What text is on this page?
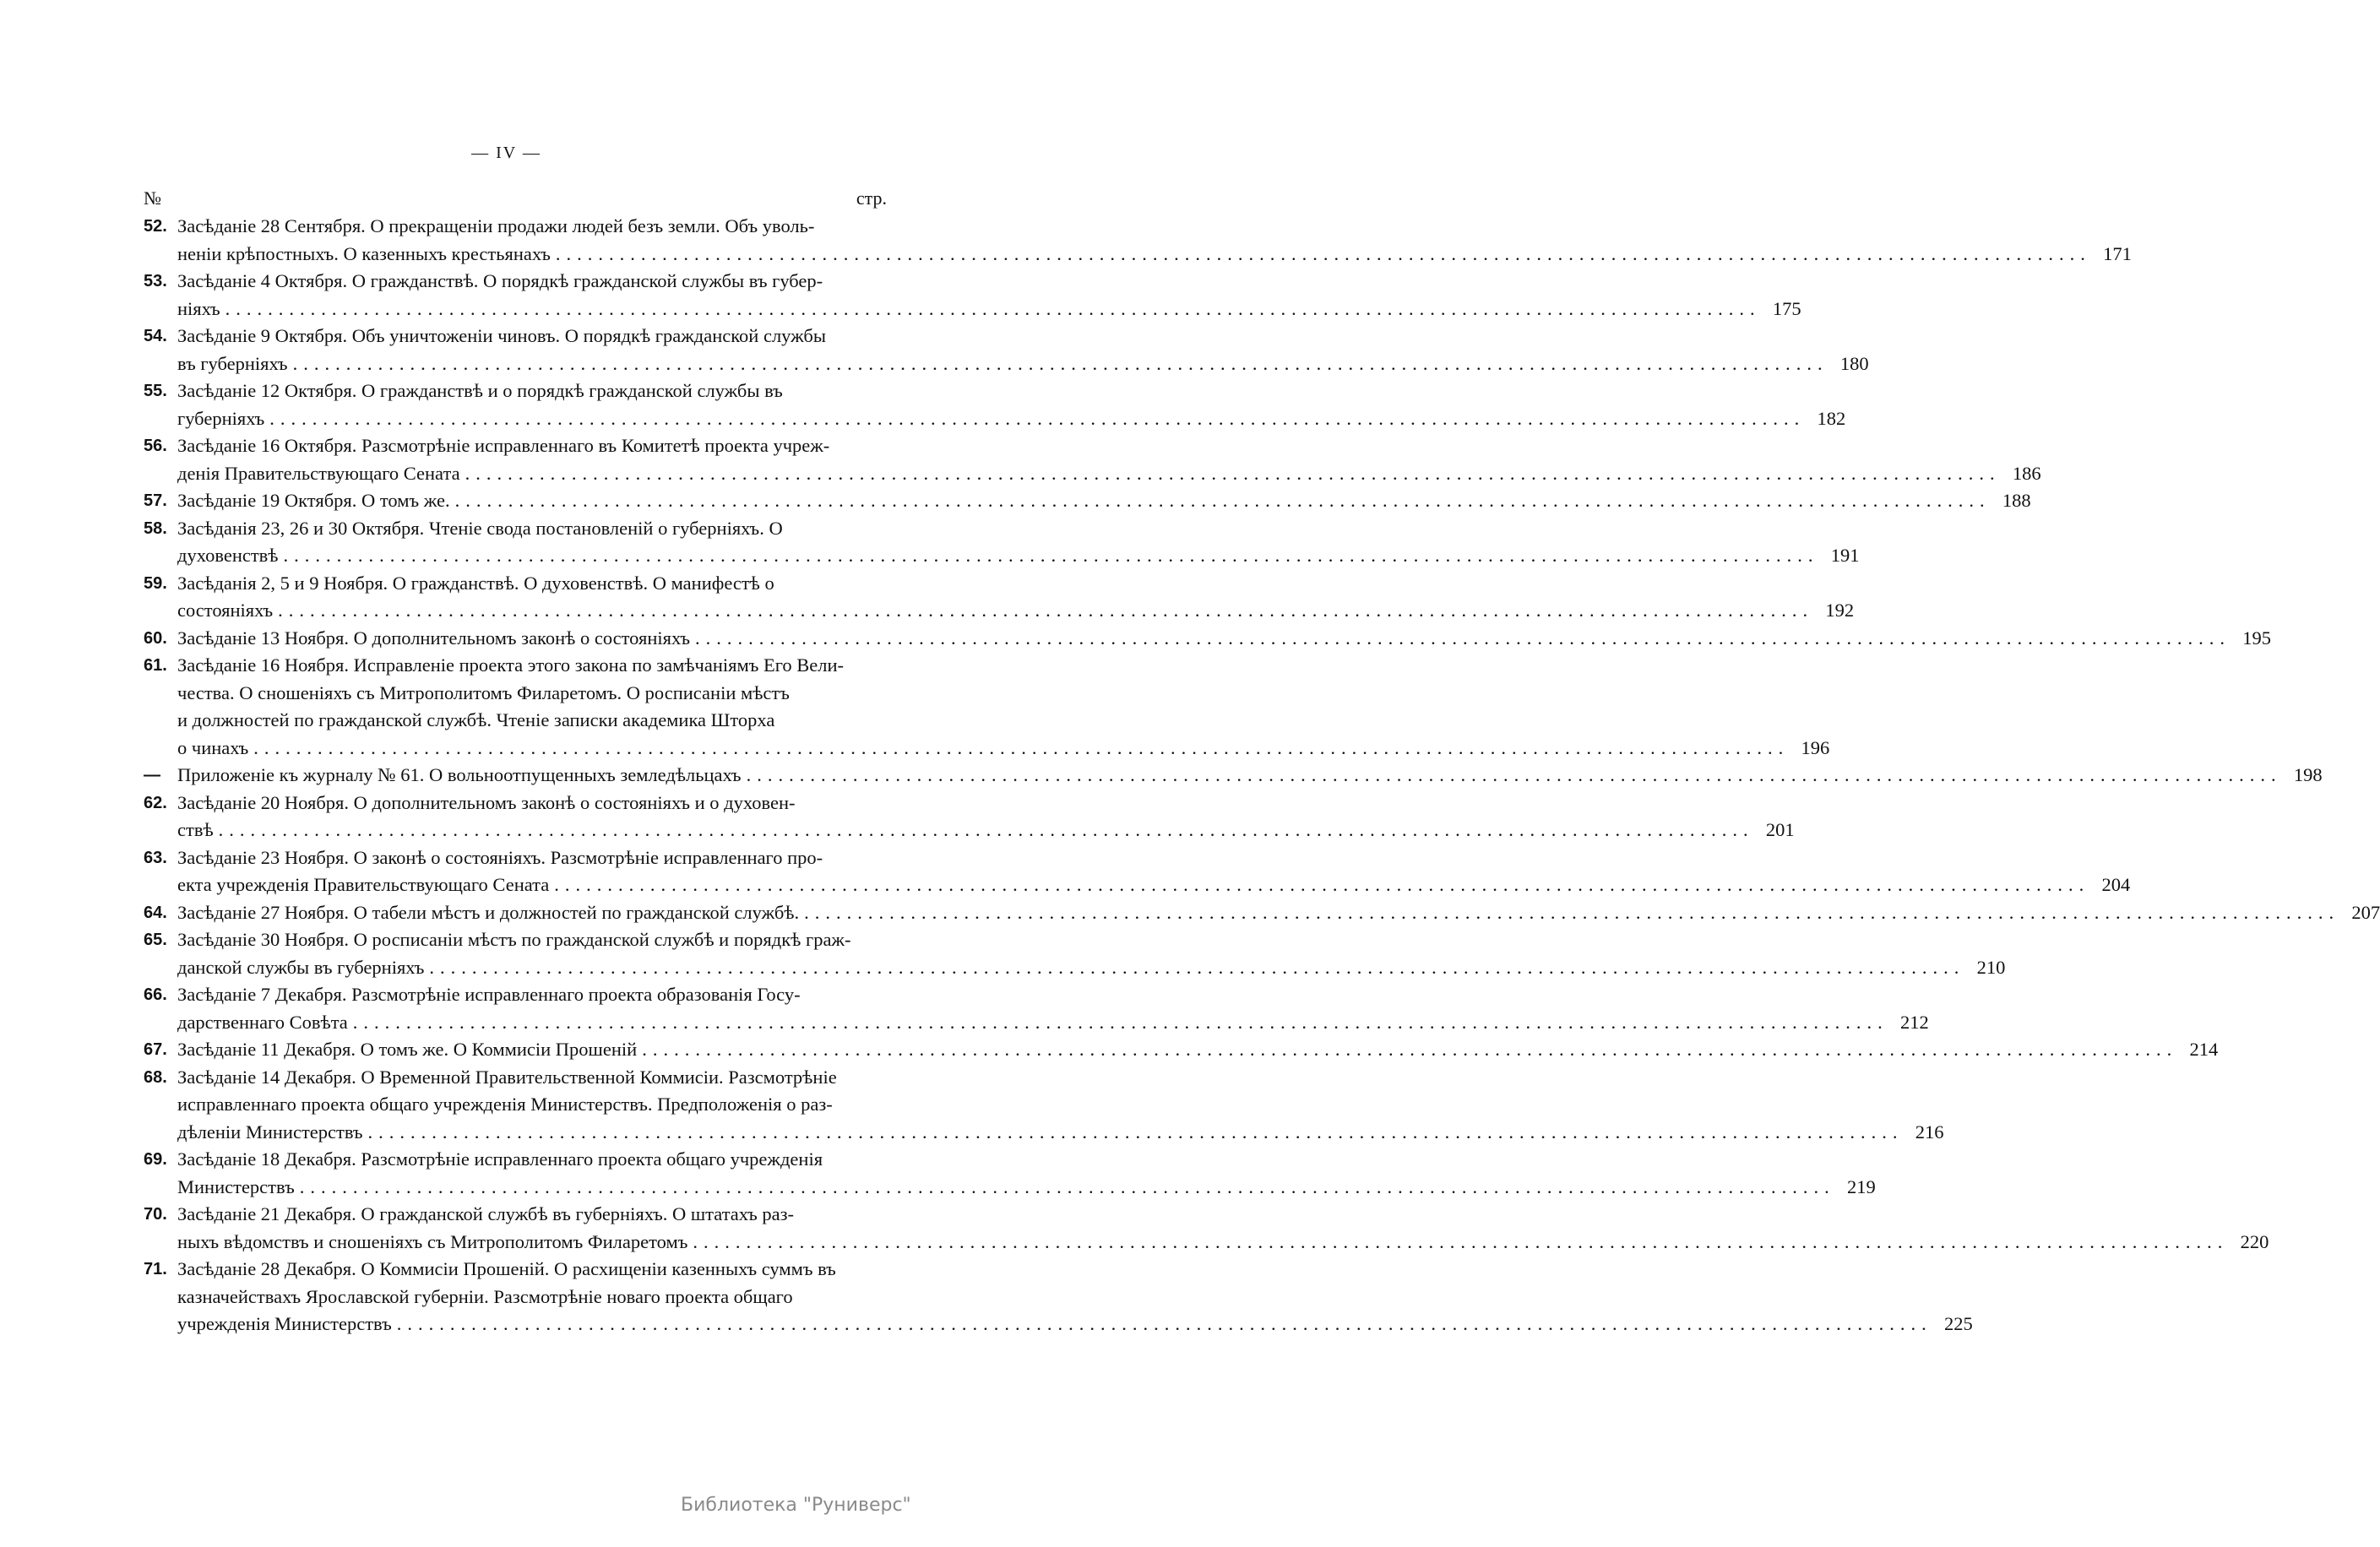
— IV —
№	стр.
52. Засѣданіе 28 Сентября. О прекращеніи продажи людей безъ земли. Объ уволь-
неніи крѣпостныхъ. О казенныхъ крестьянахъ .....	171
53. Засѣданіе 4 Октября. О гражданствѣ. О порядкѣ гражданской службы въ губер-
ніяхъ .....	175
54. Засѣданіе 9 Октября. Объ уничтоженіи чиновъ. О порядкѣ гражданской службы
въ губерніяхъ .....	180
55. Засѣданіе 12 Октября. О гражданствѣ и о порядкѣ гражданской службы въ
губерніяхъ .....	182
56. Засѣданіе 16 Октября. Разсмотрѣніе исправленнаго въ Комитетѣ проекта учреж-
денія Правительствующаго Сената .....	186
57. Засѣданіе 19 Октября. О томъ же. .....	188
58. Засѣданія 23, 26 и 30 Октября. Чтеніе свода постановленій о губерніяхъ. О
духовенствѣ .....	191
59. Засѣданія 2, 5 и 9 Ноября. О гражданствѣ. О духовенствѣ. О манифестѣ о
состояніяхъ .....	192
60. Засѣданіе 13 Ноября. О дополнительномъ законѣ о состояніяхъ .....	195
61. Засѣданіе 16 Ноября. Исправленіе проекта этого закона по замѣчаніямъ Его Вели-
чества. О сношеніяхъ съ Митрополитомъ Филаретомъ. О росписаніи мѣстъ
и должностей по гражданской службѣ. Чтеніе записки академика Шторха
о чинахъ .....	196
— Приложеніе къ журналу № 61. О вольноотпущенныхъ земледѣльцахъ .....	198
62. Засѣданіе 20 Ноября. О дополнительномъ законѣ о состояніяхъ и о духовен-
ствѣ .....	201
63. Засѣданіе 23 Ноября. О законѣ о состояніяхъ. Разсмотрѣніе исправленнаго про-
екта учрежденія Правительствующаго Сената .....	204
64. Засѣданіе 27 Ноября. О табели мѣстъ и должностей по гражданской службѣ. .....	207
65. Засѣданіе 30 Ноября. О росписаніи мѣстъ по гражданской службѣ и порядкѣ граж-
данской службы въ губерніяхъ .....	210
66. Засѣданіе 7 Декабря. Разсмотрѣніе исправленнаго проекта образованія Госу-
дарственнаго Совѣта .....	212
67. Засѣданіе 11 Декабря. О томъ же. О Коммисіи Прошеній .....	214
68. Засѣданіе 14 Декабря. О Временной Правительственной Коммисіи. Разсмотрѣніе
исправленнаго проекта общаго учрежденія Министерствъ. Предположенія о раз-
дѣленіи Министерствъ .....	216
69. Засѣданіе 18 Декабря. Разсмотрѣніе исправленнаго проекта общаго учрежденія
Министерствъ .....	219
70. Засѣданіе 21 Декабря. О гражданской службѣ въ губерніяхъ. О штатахъ раз-
ныхъ вѣдомствъ и сношеніяхъ съ Митрополитомъ Филаретомъ .....	220
71. Засѣданіе 28 Декабря. О Коммисіи Прошеній. О расхищеніи казенныхъ суммъ въ
казначействахъ Ярославской губерніи. Разсмотрѣніе новаго проекта общаго
учрежденія Министерствъ .....	225
Библиотека "Руниверс"
